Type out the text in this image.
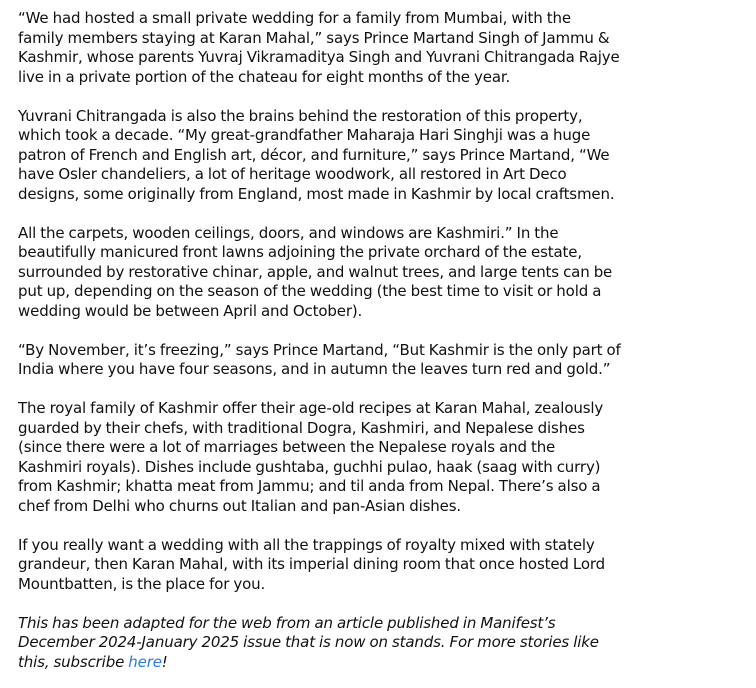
“We had hosted a small private wedding for a family from Mumbai, with the
family members staying at Karan Mahal,” says Prince Martand Singh of Jammu &
Kashmir, whose parents Yuvraj Vikramaditya Singh and Yuvrani Chitrangada Rajye
live in a private portion of the chateau for eight months of the year.

Yuvrani Chitrangada is also the brains behind the restoration of this property,
which took a decade. “My great-grandfather Maharaja Hari Singhji was a huge
patron of French and English art, décor, and furniture,” says Prince Martand, “We
have Osler chandeliers, a lot of heritage woodwork, all restored in Art Deco
designs, some originally from England, most made in Kashmir by local craftsmen.

All the carpets, wooden ceilings, doors, and windows are Kashmiri.” In the
beautifully manicured front lawns adjoining the private orchard of the estate,
surrounded by restorative chinar, apple, and walnut trees, and large tents can be
put up, depending on the season of the wedding (the best time to visit or hold a
wedding would be between April and October).

“By November, it’s freezing,” says Prince Martand, “But Kashmir is the only part of
India where you have four seasons, and in autumn the leaves turn red and gold.”

The royal family of Kashmir offer their age-old recipes at Karan Mahal, zealously
guarded by their chefs, with traditional Dogra, Kashmiri, and Nepalese dishes
(since there were a lot of marriages between the Nepalese royals and the
Kashmiri royals). Dishes include gushtaba, guchhi pulao, haak (saag with curry)
from Kashmir; khatta meat from Jammu; and til anda from Nepal. There’s also a
chef from Delhi who churns out Italian and pan-Asian dishes.

If you really want a wedding with all the trappings of royalty mixed with stately
grandeur, then Karan Mahal, with its imperial dining room that once hosted Lord
Mountbatten, is the place for you.

This has been adapted for the web from an article published in Manifest’s
December 2024-January 2025 issue that is now on stands. For more stories like
this, subscribe here!
